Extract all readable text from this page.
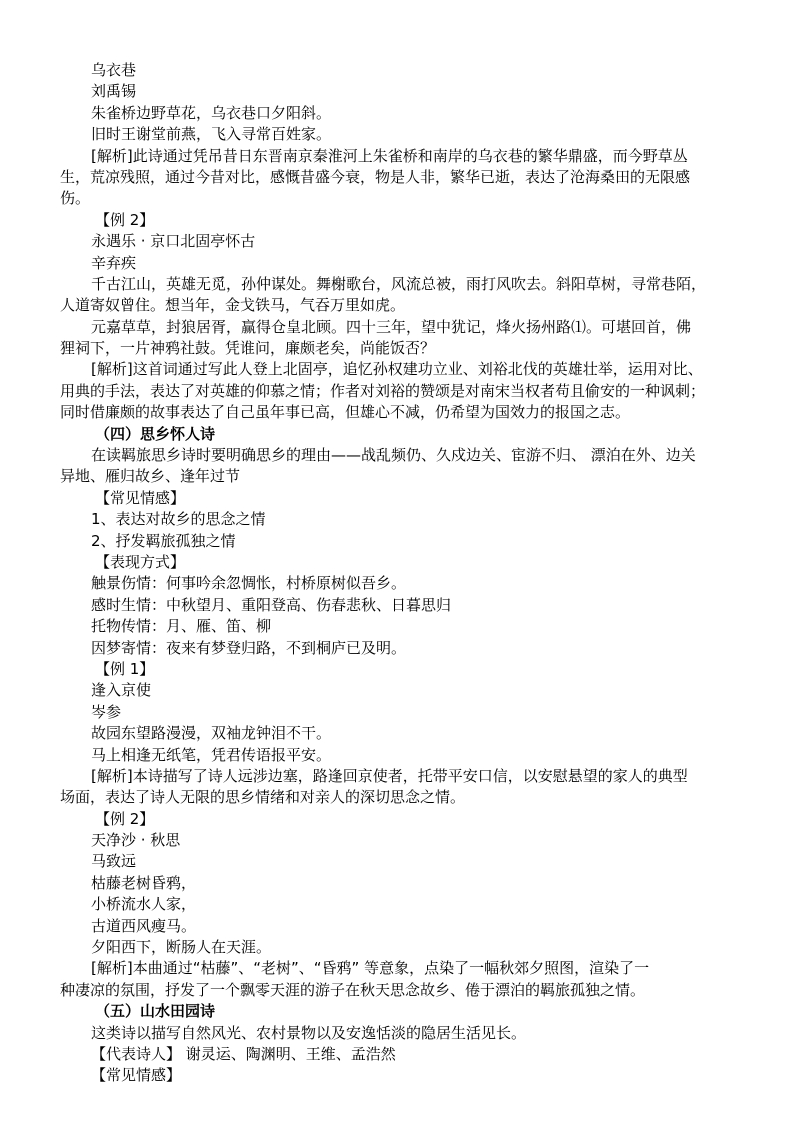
乌衣巷
刘禹锡
朱雀桥边野草花，乌衣巷口夕阳斜。
旧时王谢堂前燕，飞入寻常百姓家。
[解析]此诗通过凭吊昔日东晋南京秦淮河上朱雀桥和南岸的乌衣巷的繁华鼎盛，而今野草丛
生，荒凉残照，通过今昔对比，感慨昔盛今衰，物是人非，繁华已逝，表达了沧海桑田的无限感
伤。
【例 2】
永遇乐 · 京口北固亭怀古
辛弃疾
千古江山，英雄无觅，孙仲谋处。舞榭歌台，风流总被，雨打风吹去。斜阳草树，寻常巷陌，
人道寄奴曾住。想当年，金戈铁马，气吞万里如虎。
元嘉草草，封狼居胥，赢得仓皇北顾。四十三年，望中犹记，烽火扬州路⑴。可堪回首，佛
狸祠下，一片神鸦社鼓。凭谁问，廉颇老矣，尚能饭否？
[解析]这首词通过写此人登上北固亭，追忆孙权建功立业、刘裕北伐的英雄壮举，运用对比、
用典的手法，表达了对英雄的仰慕之情；作者对刘裕的赞颂是对南宋当权者苟且偷安的一种讽刺；
同时借廉颇的故事表达了自己虽年事已高，但雄心不减，仍希望为国效力的报国之志。
（四）思乡怀人诗
在读羁旅思乡诗时要明确思乡的理由——战乱频仍、久戍边关、宦游不归、 漂泊在外、边关
异地、雁归故乡、逢年过节
【常见情感】
1、表达对故乡的思念之情
2、抒发羁旅孤独之情
【表现方式】
触景伤情：何事吟余忽惆怅，村桥原树似吾乡。
感时生情：中秋望月、重阳登高、伤春悲秋、日暮思归
托物传情：月、雁、笛、柳
因梦寄情：夜来有梦登归路，不到桐庐已及明。
【例 1】
逢入京使
岑参
故园东望路漫漫，双袖龙钟泪不干。
马上相逢无纸笔，凭君传语报平安。
[解析]本诗描写了诗人远涉边塞，路逢回京使者，托带平安口信，以安慰悬望的家人的典型
场面，表达了诗人无限的思乡情绪和对亲人的深切思念之情。
【例 2】
天净沙 · 秋思
马致远
枯藤老树昏鸦，
小桥流水人家，
古道西风瘦马。
夕阳西下，断肠人在天涯。
[解析]本曲通过“枯藤”、“老树”、“昏鸦” 等意象，点染了一幅秋郊夕照图，渲染了一
种凄凉的氛围，抒发了一个飘零天涯的游子在秋天思念故乡、倦于漂泊的羁旅孤独之情。
（五）山水田园诗
这类诗以描写自然风光、农村景物以及安逸恬淡的隐居生活见长。
【代表诗人】 谢灵运、陶渊明、王维、孟浩然
【常见情感】
